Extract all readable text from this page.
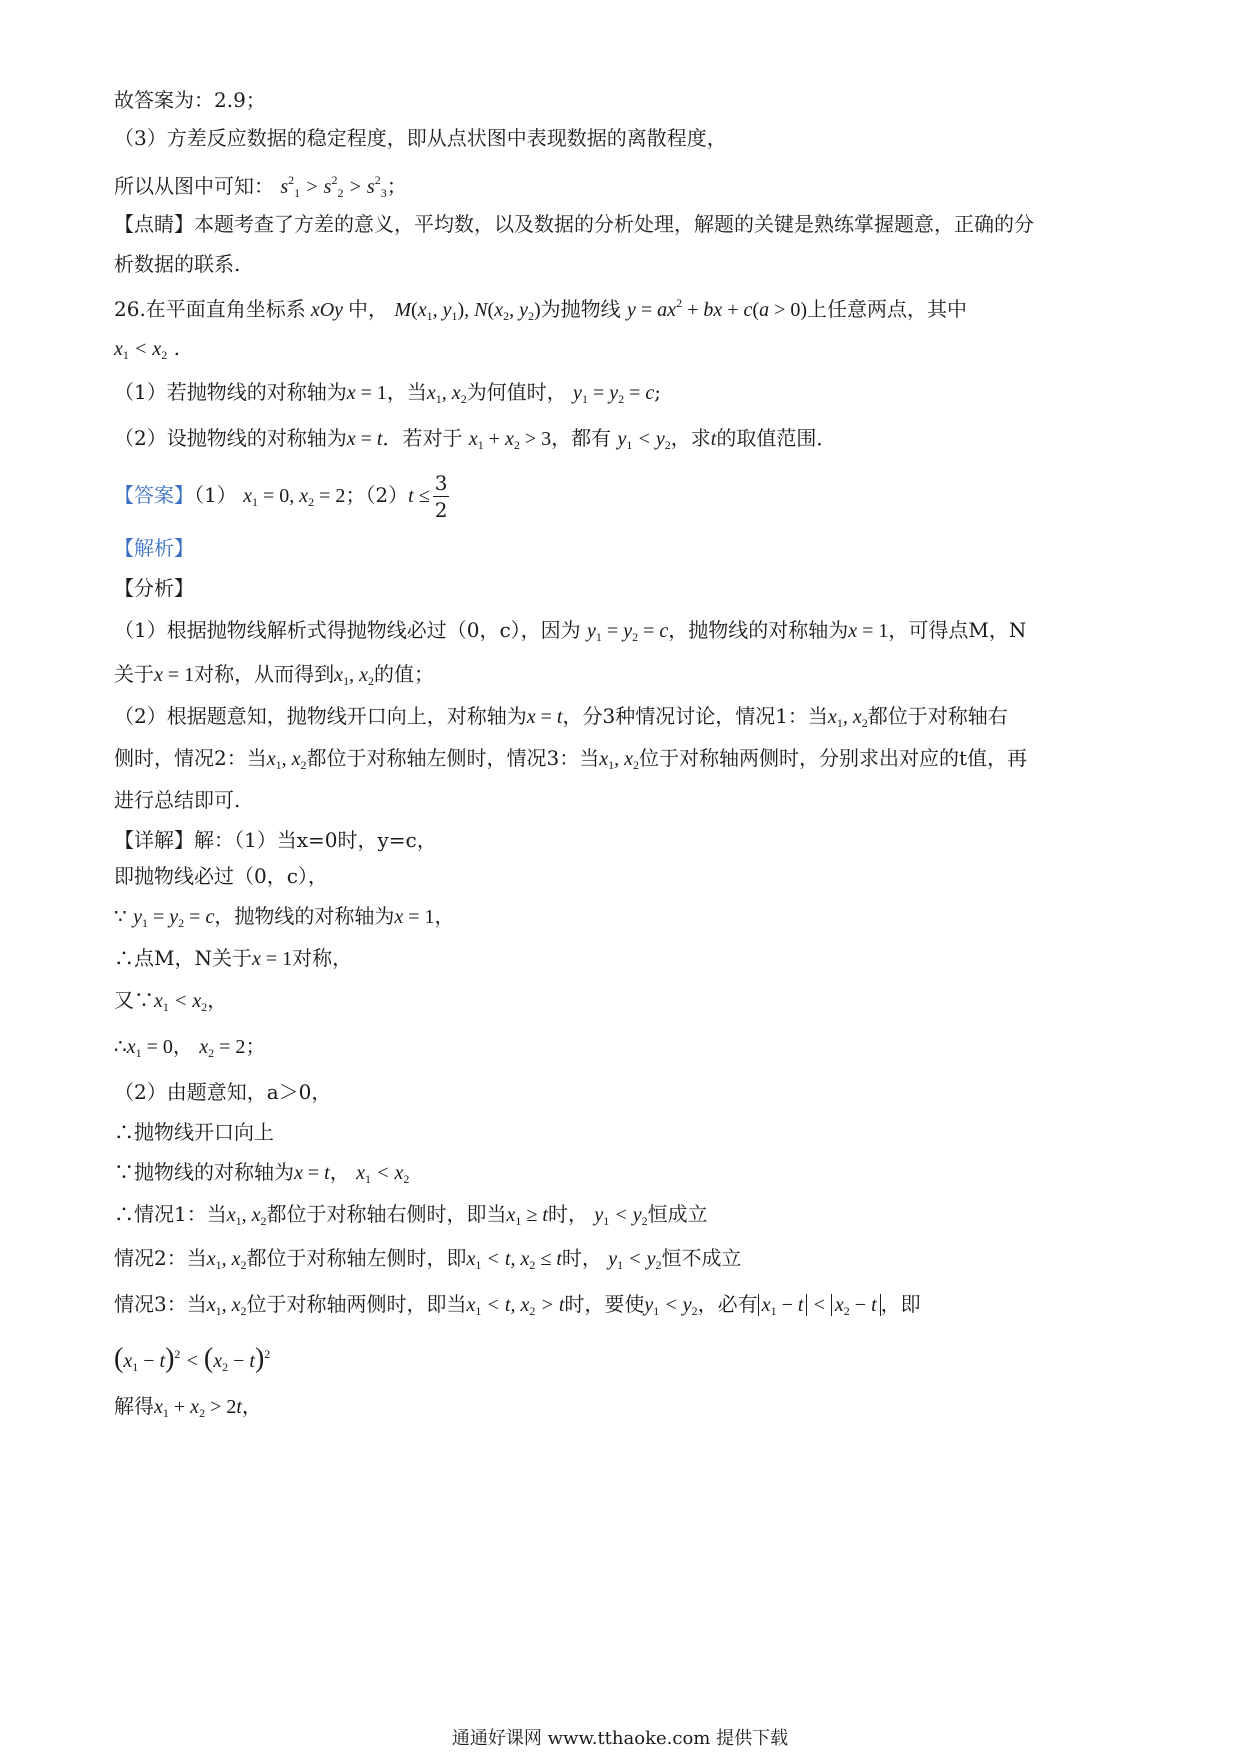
故答案为：2.9；
（3）方差反应数据的稳定程度，即从点状图中表现数据的离散程度，
所以从图中可知： $s^2_1 > s^2_2 > s^2_3$；
【点睛】本题考查了方差的意义，平均数，以及数据的分析处理，解题的关键是熟练掌握题意，正确的分
析数据的联系.
26.在平面直角坐标系 xOy 中， $M(x_1$, $y_1$), $N(x_2$, $y_2$)为抛物线 $y = ax^2$ + bx + c(a > 0)上任意两点，其中
$x_1 < x_2$ .
（1）若抛物线的对称轴为x = 1，当$x_1$, $x_2$为何值时， $y_1 = y_2 = c$;
（2）设抛物线的对称轴为x = t．若对于 $x_1 + x_2 > 3$，都有 $y_1 < y_2$，求t的取值范围．
【答案】（1） $x_1 = 0$, $x_2 = 2$；$(2)t \le \frac{3}{2}$
【解析】
【分析】
（1）根据抛物线解析式得抛物线必过（0，c），因为 $y_1 = y_2 = c$，抛物线的对称轴为x = 1，可得点M，N
关于x = 1对称，从而得到$x_1$, $x_2$的值；
（2）根据题意知，抛物线开口向上，对称轴为x = t，分3种情况讨论，情况1：当$x_1$, $x_2$都位于对称轴右
侧时，情况2：当$x_1$, $x_2$都位于对称轴左侧时，情况3：当$x_1$, $x_2$位于对称轴两侧时，分别求出对应的t值，再
进行总结即可.
【详解】解：（1）当x=0时，y=c，
即抛物线必过（0，c），
∵ $y_1 = y_2 = c$，抛物线的对称轴为x = 1，
∴点M，N关于x = 1对称，
又$\because x_1 < x_2$，
$\therefore x_1 = 0$， $x_2 = 2$；
（2）由题意知，a＞0，
∴抛物线开口向上
∵抛物线的对称轴为x = t， $x_1 < x_2$
∴情况1：当$x_1$, $x_2$都位于对称轴右侧时，即当$x_1 \ge t$时， $y_1 < y_2$恒成立
情况2：当$x_1$, $x_2$都位于对称轴左侧时，即$x_1 < t$, $x_2 \le t$时， $y_1 < y_2$恒不成立
情况3：当$x_1$, $x_2$位于对称轴两侧时，即当$x_1 < t$, $x_2 > t$时，要使$y_1 < y_2$，必有 $x_1 - t < x_2 - t$ ，即
$(x_1 - t)^2 < (x_2 - t)^2$
解得$x_1 + x_2 > 2t$，
通通好课网 www.tthaoke.com 提供下载
